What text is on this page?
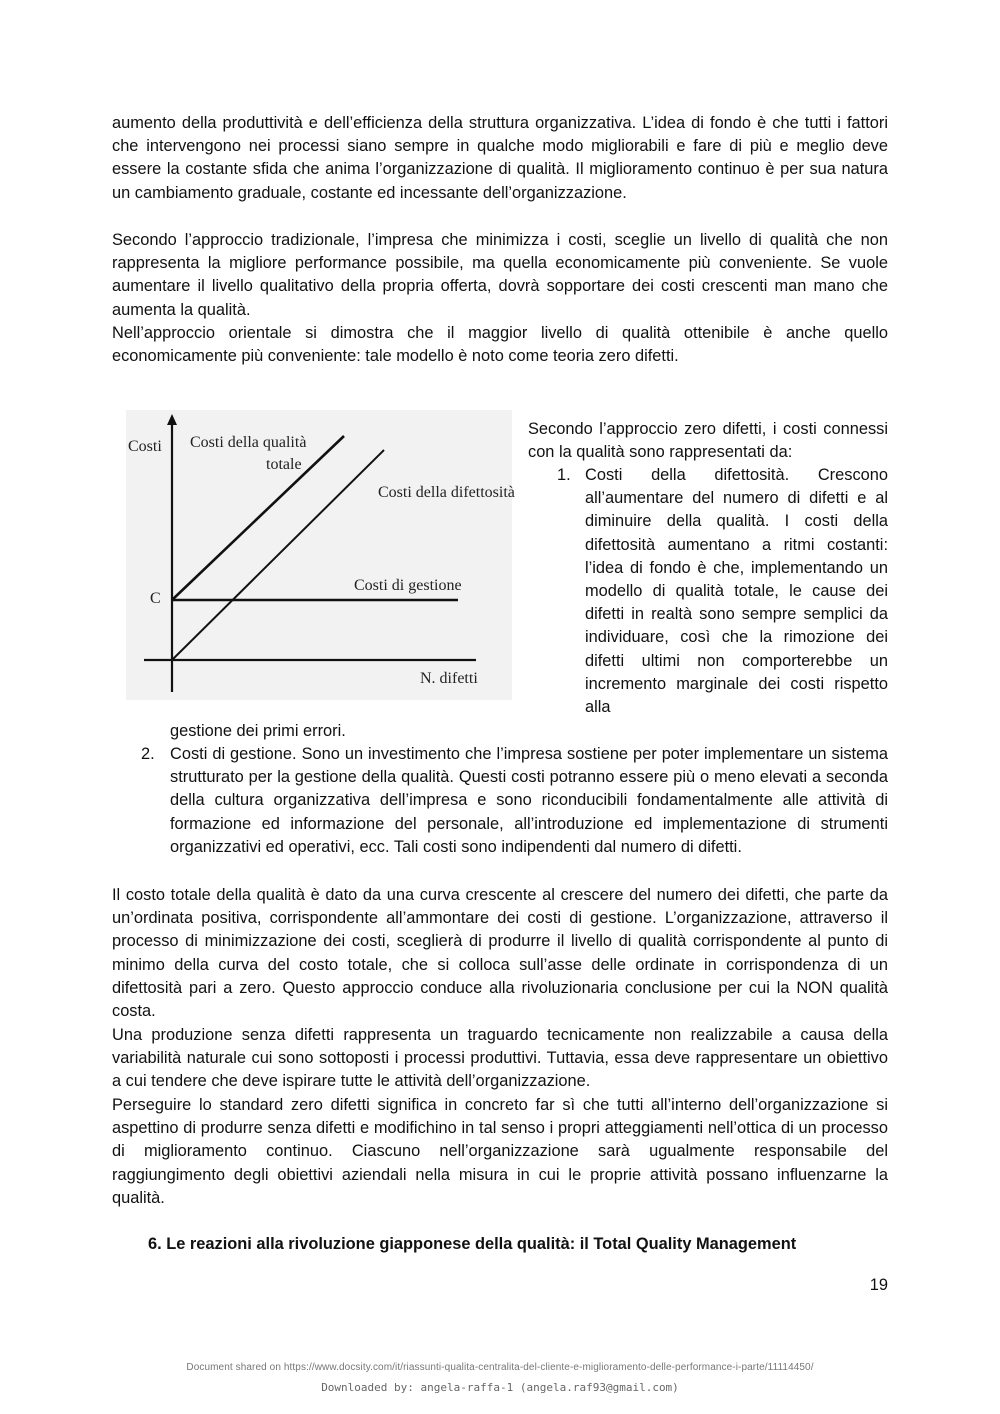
aumento della produttività e dell’efficienza della struttura organizzativa. L’idea di fondo è che tutti i fattori che intervengono nei processi siano sempre in qualche modo migliorabili e fare di più e meglio deve essere la costante sfida che anima l’organizzazione di qualità. Il miglioramento continuo è per sua natura un cambiamento graduale, costante ed incessante dell’organizzazione.

Secondo l’approccio tradizionale, l’impresa che minimizza i costi, sceglie un livello di qualità che non rappresenta la migliore performance possibile, ma quella economicamente più conveniente. Se vuole aumentare il livello qualitativo della propria offerta, dovrà sopportare dei costi crescenti man mano che aumenta la qualità.

Nell’approccio orientale si dimostra che il maggior livello di qualità ottenibile è anche quello economicamente più conveniente: tale modello è noto come teoria zero difetti.

Costi Costi della qualità
totale
Costi della difettosità
Costi di gestione
C
N. difetti

Secondo l’approccio zero difetti, i costi connessi con la qualità sono rappresentati da:

1. Costi della difettosità. Crescono all’aumentare del numero di difetti e al diminuire della qualità. I costi della difettosità aumentano a ritmi costanti: l’idea di fondo è che, implementando un modello di qualità totale, le cause dei difetti in realtà sono sempre semplici da individuare, così che la rimozione dei difetti ultimi non comporterebbe un incremento marginale dei costi rispetto alla

gestione dei primi errori.

2. Costi di gestione. Sono un investimento che l’impresa sostiene per poter implementare un sistema strutturato per la gestione della qualità. Questi costi potranno essere più o meno elevati a seconda della cultura organizzativa dell’impresa e sono riconducibili fondamentalmente alle attività di formazione ed informazione del personale, all’introduzione ed implementazione di strumenti organizzativi ed operativi, ecc. Tali costi sono indipendenti dal numero di difetti.

Il costo totale della qualità è dato da una curva crescente al crescere del numero dei difetti, che parte da un’ordinata positiva, corrispondente all’ammontare dei costi di gestione. L’organizzazione, attraverso il processo di minimizzazione dei costi, sceglierà di produrre il livello di qualità corrispondente al punto di minimo della curva del costo totale, che si colloca sull’asse delle ordinate in corrispondenza di un difettosità pari a zero. Questo approccio conduce alla rivoluzionaria conclusione per cui la NON qualità costa.

Una produzione senza difetti rappresenta un traguardo tecnicamente non realizzabile a causa della variabilità naturale cui sono sottoposti i processi produttivi. Tuttavia, essa deve rappresentare un obiettivo a cui tendere che deve ispirare tutte le attività dell’organizzazione.

Perseguire lo standard zero difetti significa in concreto far sì che tutti all’interno dell’organizzazione si aspettino di produrre senza difetti e modifichino in tal senso i propri atteggiamenti nell’ottica di un processo di miglioramento continuo. Ciascuno nell’organizzazione sarà ugualmente responsabile del raggiungimento degli obiettivi aziendali nella misura in cui le proprie attività possano influenzarne la qualità.

6. Le reazioni alla rivoluzione giapponese della qualità: il Total Quality Management
19
Document shared on https://www.docsity.com/it/riassunti-qualita-centralita-del-cliente-e-miglioramento-delle-performance-i-parte/11114450/
Downloaded by: angela-raffa-1 (angela.raf93@gmail.com)
